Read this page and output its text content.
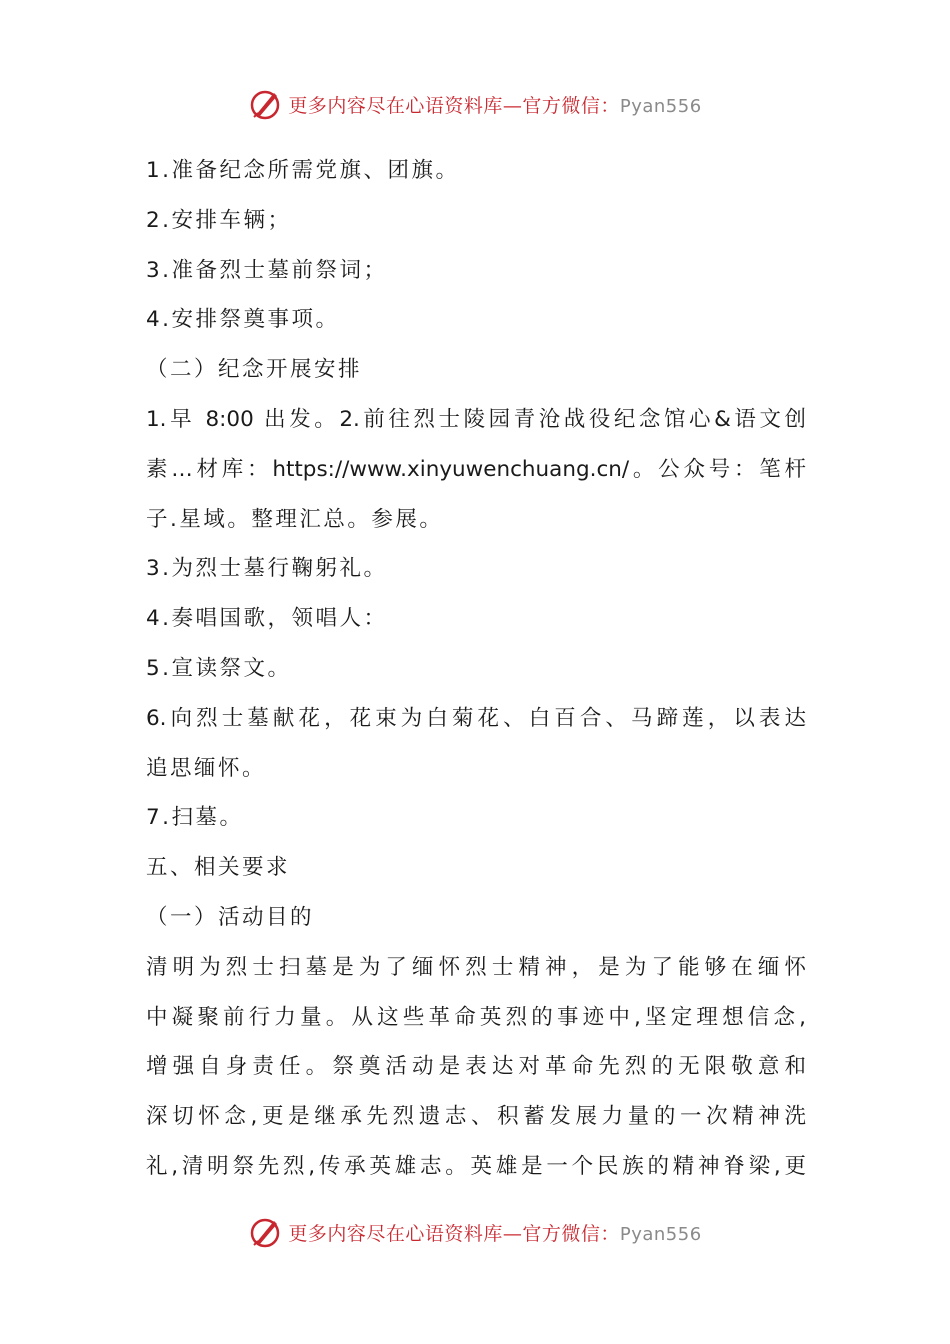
更多内容尽在心语资料库—官方微信：Pyan556
1.准备纪念所需党旗、团旗。
2.安排车辆；
3.准备烈士墓前祭词；
4.安排祭奠事项。
（二）纪念开展安排
1.早 8:00 出发。2.前往烈士陵园青沧战役纪念馆心&语文创
素…材库：https://www.xinyuwenchuang.cn/。公众号：笔杆
子.星域。整理汇总。参展。
3.为烈士墓行鞠躬礼。
4.奏唱国歌，领唱人：
5.宣读祭文。
6.向烈士墓献花，花束为白菊花、白百合、马蹄莲，以表达
追思缅怀。
7.扫墓。
五、相关要求
（一）活动目的
清明为烈士扫墓是为了缅怀烈士精神，是为了能够在缅怀
中凝聚前行力量。从这些革命英烈的事迹中,坚定理想信念,
增强自身责任。祭奠活动是表达对革命先烈的无限敬意和
深切怀念,更是继承先烈遗志、积蓄发展力量的一次精神洗
礼,清明祭先烈,传承英雄志。英雄是一个民族的精神脊梁,更
更多内容尽在心语资料库—官方微信：Pyan556
